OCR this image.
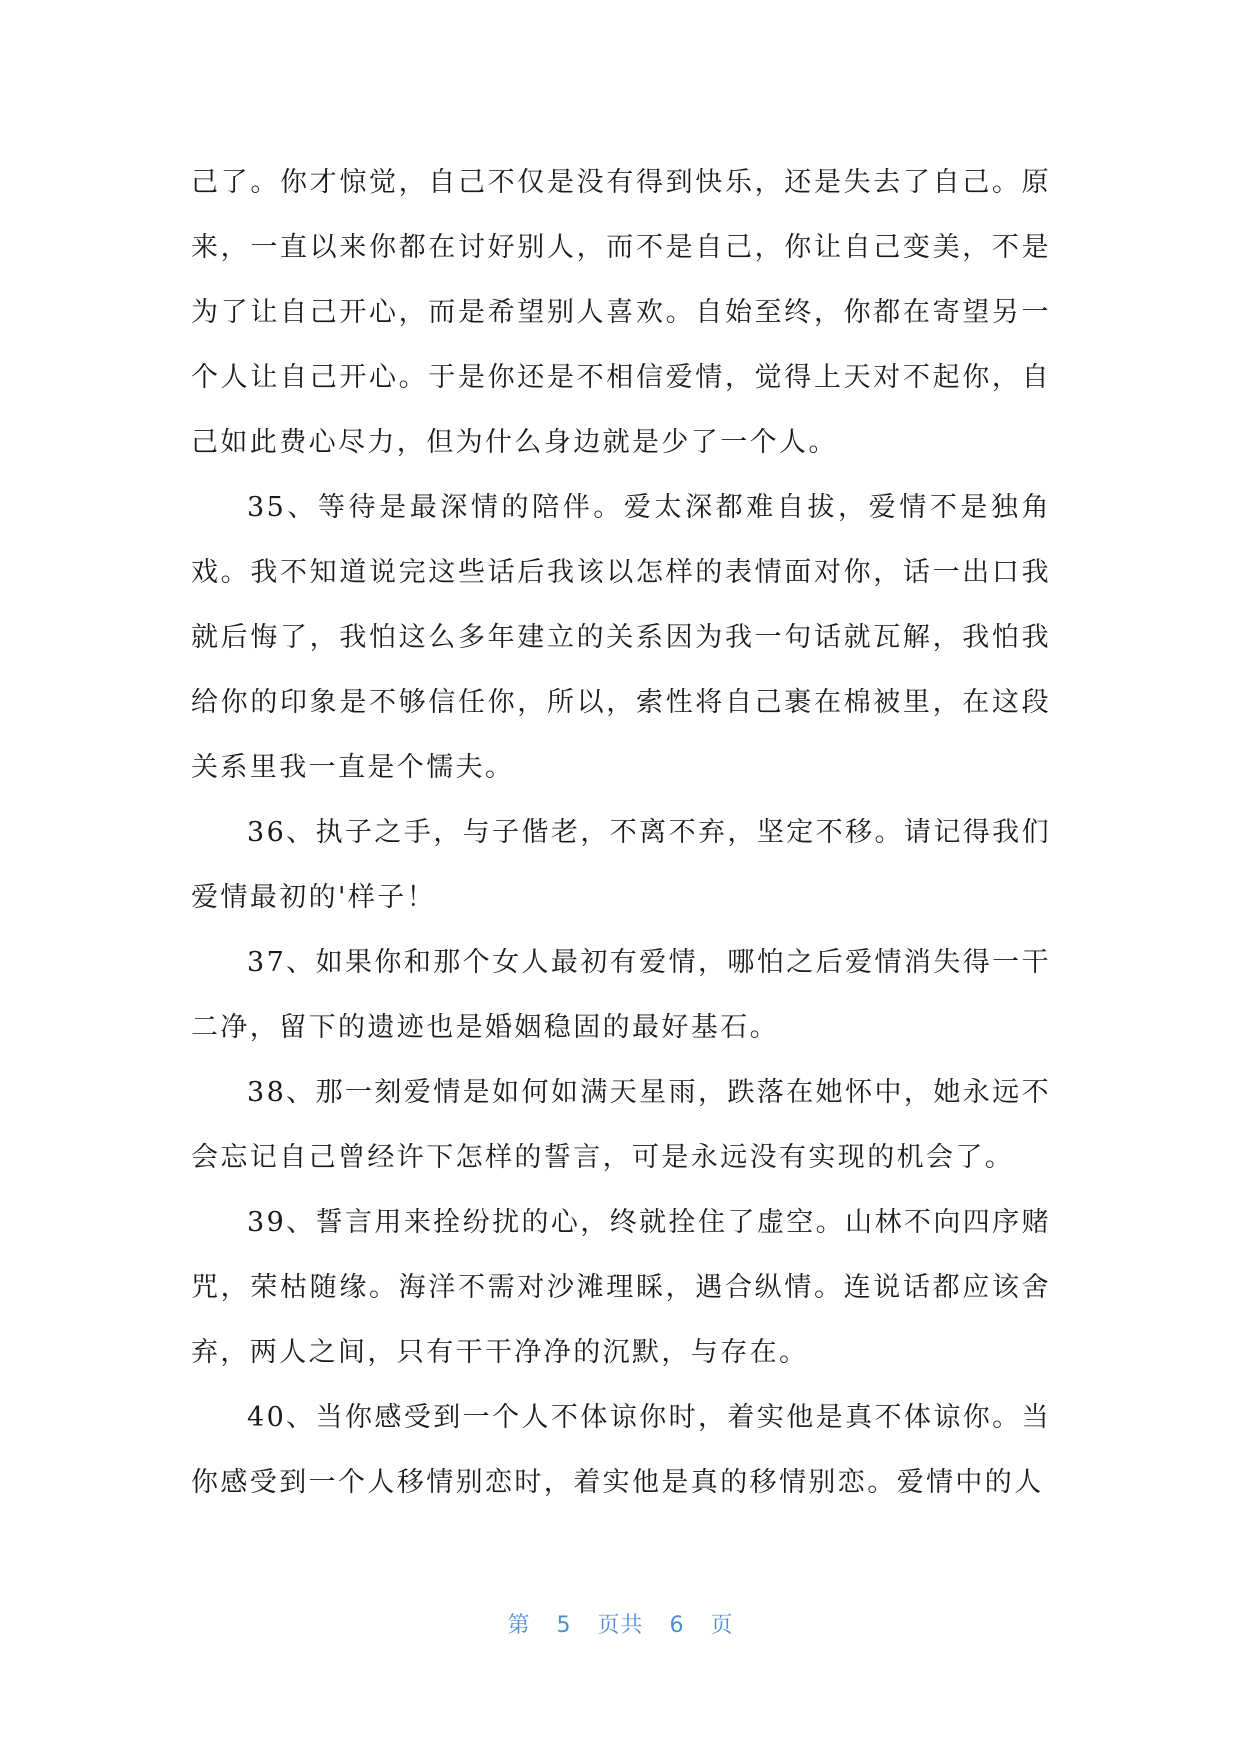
己了。你才惊觉，自己不仅是没有得到快乐，还是失去了自己。原来，一直以来你都在讨好别人，而不是自己，你让自己变美，不是为了让自己开心，而是希望别人喜欢。自始至终，你都在寄望另一个人让自己开心。于是你还是不相信爱情，觉得上天对不起你，自己如此费心尽力，但为什么身边就是少了一个人。

35、等待是最深情的陪伴。爱太深都难自拔，爱情不是独角戏。我不知道说完这些话后我该以怎样的表情面对你，话一出口我就后悔了，我怕这么多年建立的关系因为我一句话就瓦解，我怕我给你的印象是不够信任你，所以，索性将自己裹在棉被里，在这段关系里我一直是个懦夫。

36、执子之手，与子偕老，不离不弃，坚定不移。请记得我们爱情最初的'样子！

37、如果你和那个女人最初有爱情，哪怕之后爱情消失得一干二净，留下的遗迹也是婚姻稳固的最好基石。

38、那一刻爱情是如何如满天星雨，跌落在她怀中，她永远不会忘记自己曾经许下怎样的誓言，可是永远没有实现的机会了。

39、誓言用来拴纷扰的心，终就拴住了虚空。山林不向四序赌咒，荣枯随缘。海洋不需对沙滩理睬，遇合纵情。连说话都应该舍弃，两人之间，只有干干净净的沉默，与存在。

40、当你感受到一个人不体谅你时，着实他是真不体谅你。当你感受到一个人移情别恋时，着实他是真的移情别恋。爱情中的人

第 5 页共 6 页
